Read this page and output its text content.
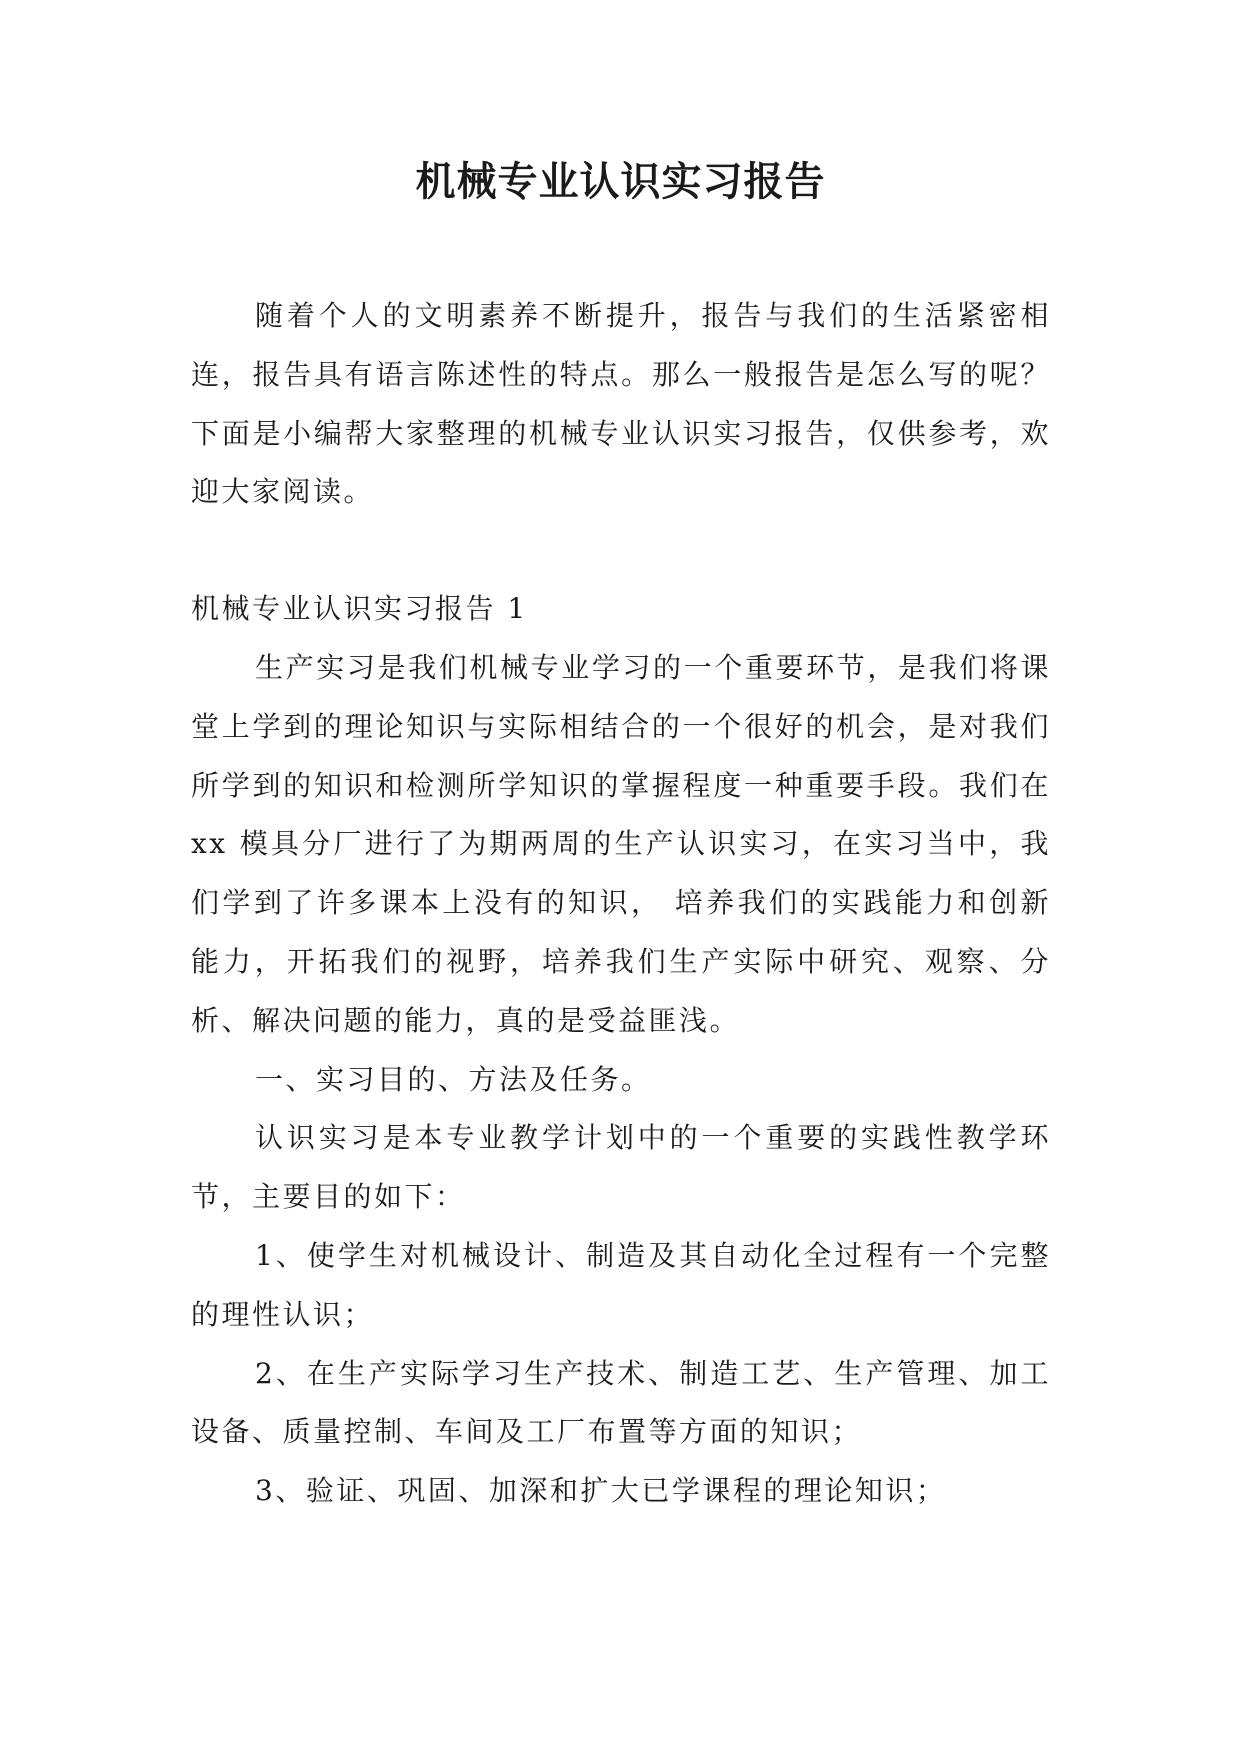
机械专业认识实习报告

随着个人的文明素养不断提升，报告与我们的生活紧密相连，报告具有语言陈述性的特点。那么一般报告是怎么写的呢？下面是小编帮大家整理的机械专业认识实习报告，仅供参考，欢迎大家阅读。

机械专业认识实习报告 1

生产实习是我们机械专业学习的一个重要环节，是我们将课堂上学到的理论知识与实际相结合的一个很好的机会，是对我们所学到的知识和检测所学知识的掌握程度一种重要手段。我们在 xx 模具分厂进行了为期两周的生产认识实习，在实习当中，我们学到了许多课本上没有的知识， 培养我们的实践能力和创新能力，开拓我们的视野，培养我们生产实际中研究、观察、分析、解决问题的能力，真的是受益匪浅。

一、实习目的、方法及任务。

认识实习是本专业教学计划中的一个重要的实践性教学环节，主要目的如下：

1、使学生对机械设计、制造及其自动化全过程有一个完整的理性认识；

2、在生产实际学习生产技术、制造工艺、生产管理、加工设备、质量控制、车间及工厂布置等方面的知识；

3、验证、巩固、加深和扩大已学课程的理论知识；
